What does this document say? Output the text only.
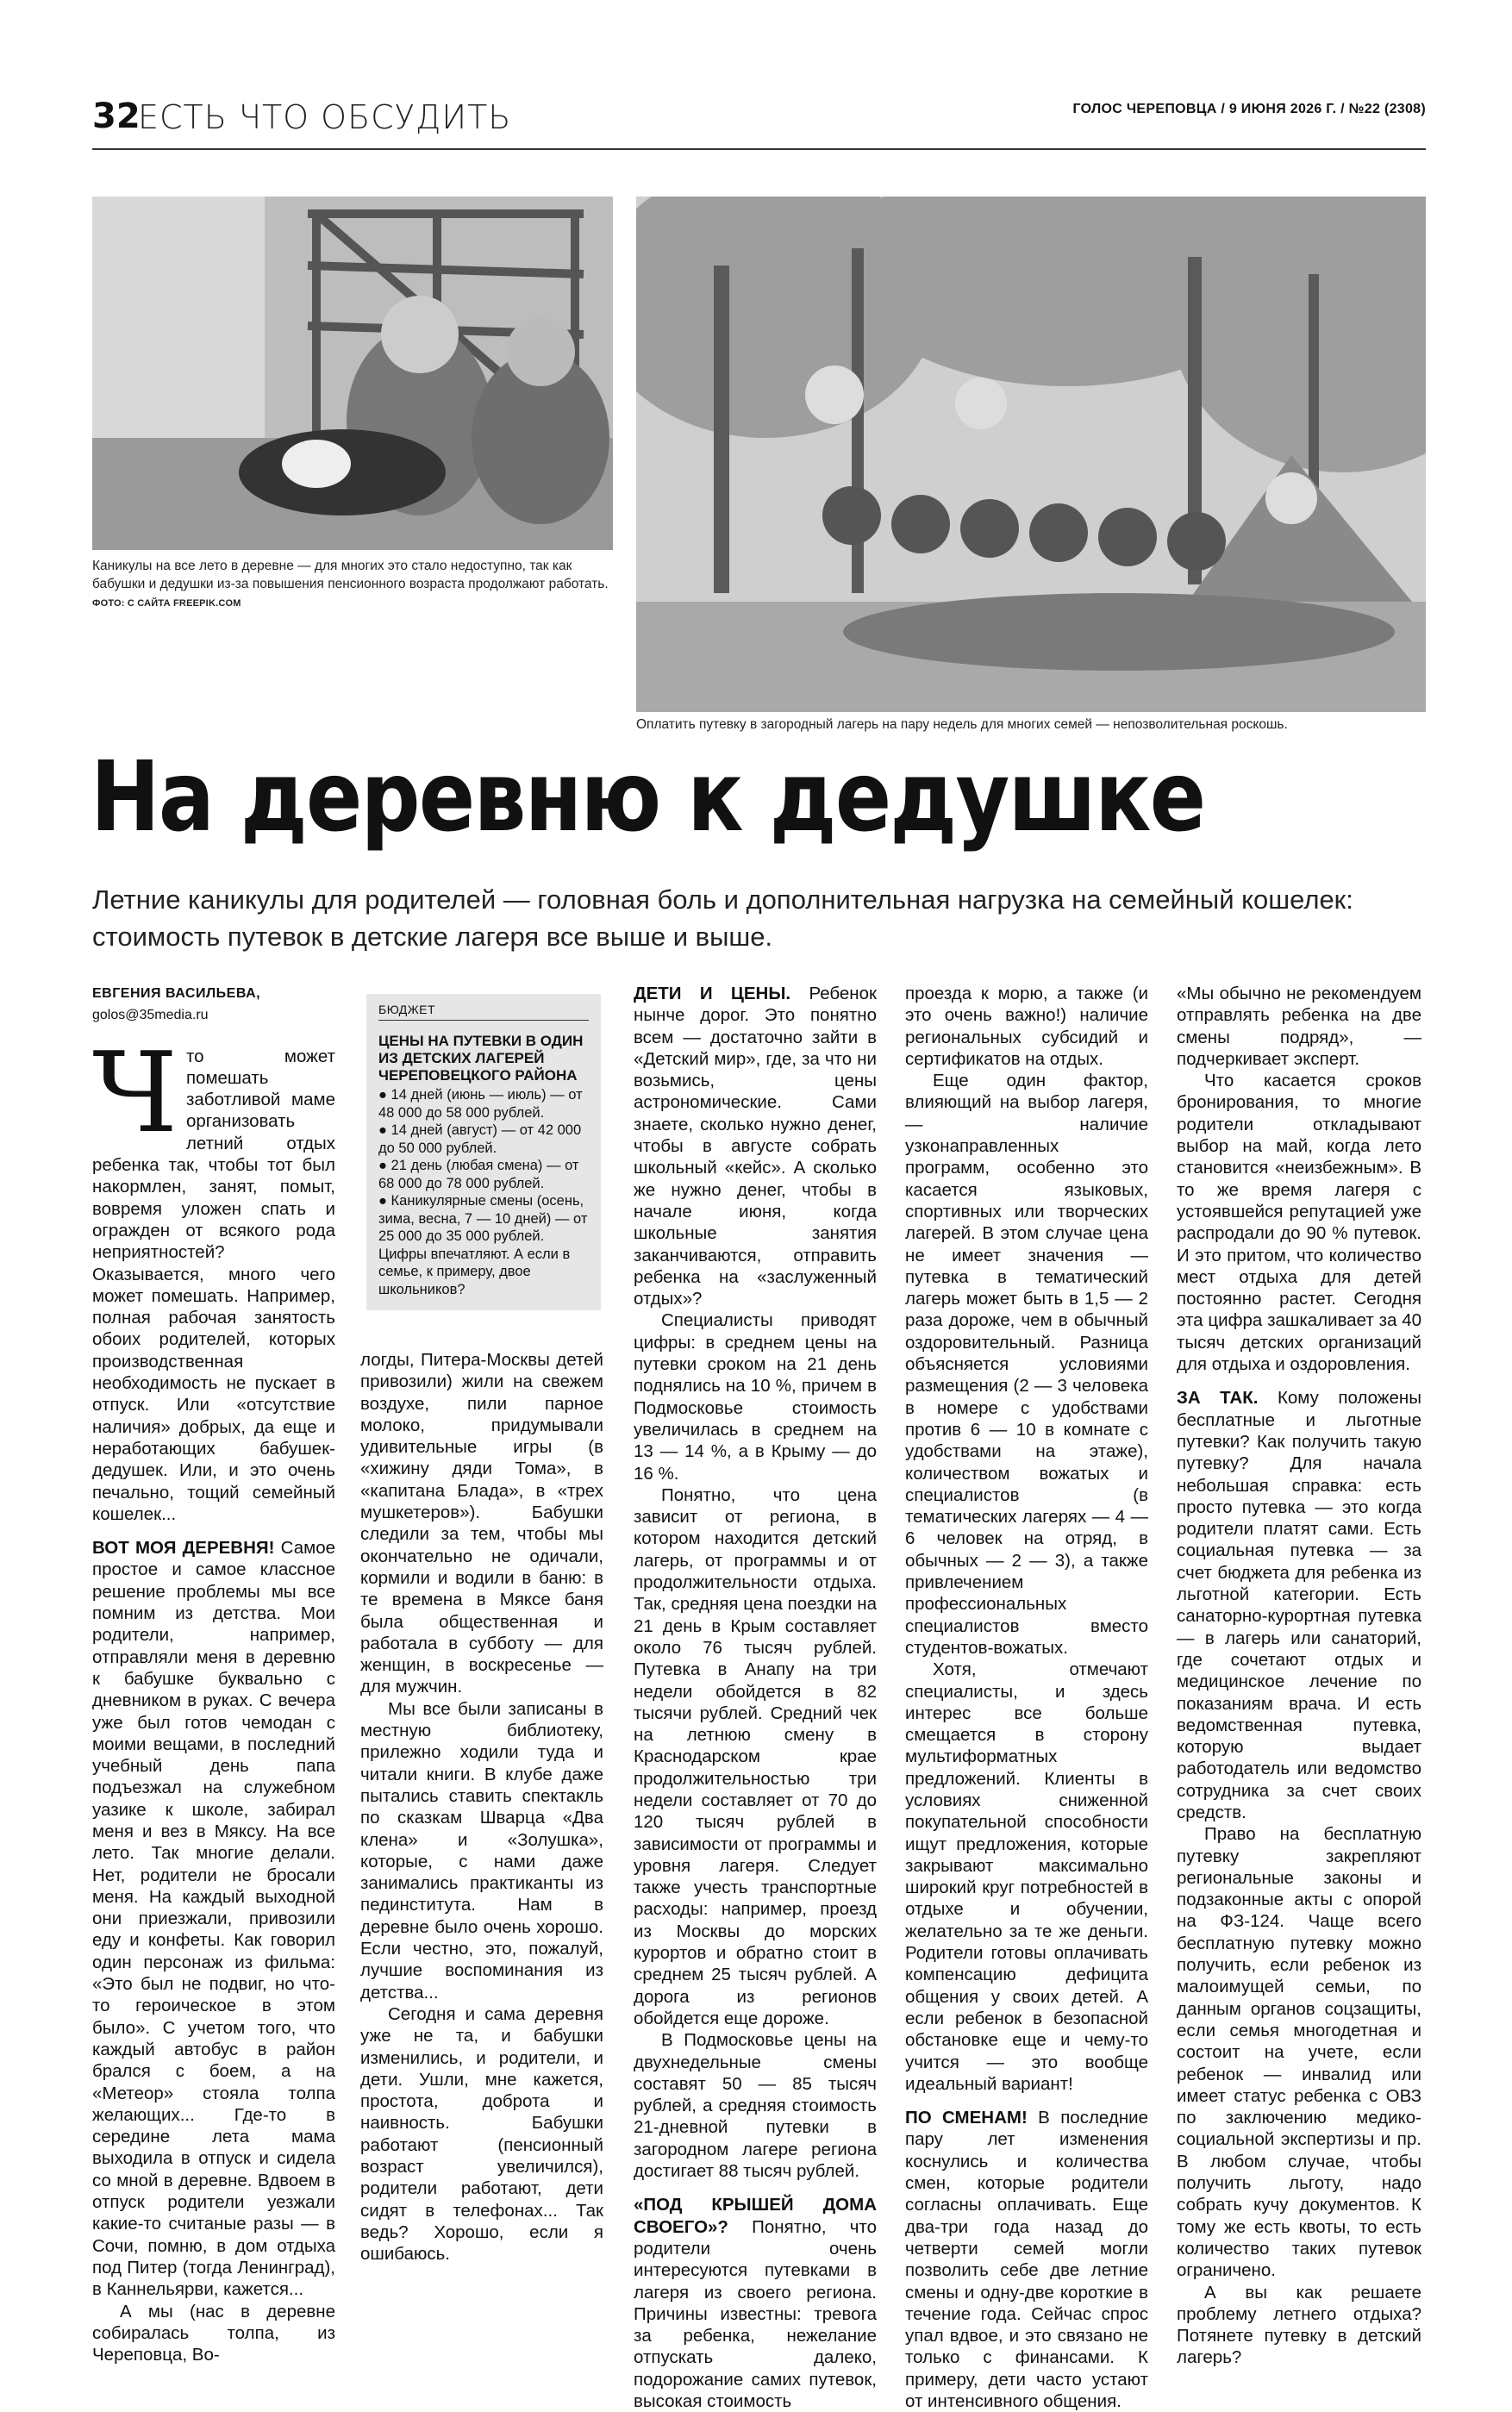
32
ЕСТЬ ЧТО ОБСУДИТЬ	ГОЛОС ЧЕРЕПОВЦА / 9 ИЮНЯ 2026 Г. / №22 (2308)
Каникулы на все лето в деревне — для многих это стало недоступно, так как бабушки и дедушки из-за повышения пенсионного возраста продолжают работать. ФОТО: С САЙТА FREEPIK.COM
Оплатить путевку в загородный лагерь на пару недель для многих семей — непозволительная роскошь.
На деревню к дедушке
Летние каникулы для родителей — головная боль и дополнительная нагрузка на семейный кошелек: стоимость путевок в детские лагеря все выше и выше.
ЕВГЕНИЯ ВАСИЛЬЕВА,
golos@35media.ru

Что может помешать заботливой маме организовать летний отдых ребенка так, чтобы тот был накормлен, занят, помыт, вовремя уложен спать и огражден от всякого рода неприятностей? Оказывается, много чего может помешать. Например, полная рабочая занятость обоих родителей, которых производственная необходимость не пускает в отпуск. Или «отсутствие наличия» добрых, да еще и неработающих бабушек-дедушек. Или, и это очень печально, тощий семейный кошелек...

ВОТ МОЯ ДЕРЕВНЯ! Самое простое и самое классное решение проблемы мы все помним из детства. Мои родители, например, отправляли меня в деревню к бабушке буквально с дневником в руках. С вечера уже был готов чемодан с моими вещами, в последний учебный день папа подъезжал на служебном уазике к школе, забирал меня и вез в Мяксу. На все лето. Так многие делали. Нет, родители не бросали меня. На каждый выходной они приезжали, привозили еду и конфеты. Как говорил один персонаж из фильма: «Это был не подвиг, но что-то героическое в этом было». С учетом того, что каждый автобус в район брался с боем, а на «Метеор» стояла толпа желающих... Где-то в середине лета мама выходила в отпуск и сидела со мной в деревне. Вдвоем в отпуск родители уезжали какие-то считаные разы — в Сочи, помню, в дом отдыха под Питер (тогда Ленинград), в Каннельярви, кажется...

А мы (нас в деревне собиралась толпа, из Череповца, Во-

БЮДЖЕТ
ЦЕНЫ НА ПУТЕВКИ В ОДИН ИЗ ДЕТСКИХ ЛАГЕРЕЙ ЧЕРЕПОВЕЦКОГО РАЙОНА
● 14 дней (июнь — июль) — от 48 000 до 58 000 рублей.
● 14 дней (август) — от 42 000 до 50 000 рублей.
● 21 день (любая смена) — от 68 000 до 78 000 рублей.
● Каникулярные смены (осень, зима, весна, 7 — 10 дней) — от 25 000 до 35 000 рублей.
Цифры впечатляют. А если в семье, к примеру, двое школьников?

логды, Питера-Москвы детей привозили) жили на свежем воздухе, пили парное молоко, придумывали удивительные игры (в «хижину дяди Тома», в «капитана Блада», в «трех мушкетеров»). Бабушки следили за тем, чтобы мы окончательно не одичали, кормили и водили в баню: в те времена в Мяксе баня была общественная и работала в субботу — для женщин, в воскресенье — для мужчин.

Мы все были записаны в местную библиотеку, прилежно ходили туда и читали книги. В клубе даже пытались ставить спектакль по сказкам Шварца «Два клена» и «Золушка», которые, с нами даже занимались практиканты из пединститута. Нам в деревне было очень хорошо. Если честно, это, пожалуй, лучшие воспоминания из детства...

Сегодня и сама деревня уже не та, и бабушки изменились, и родители, и дети. Ушли, мне кажется, простота, доброта и наивность. Бабушки работают (пенсионный возраст увеличился), родители работают, дети сидят в телефонах... Так ведь? Хорошо, если я ошибаюсь.

ДЕТИ И ЦЕНЫ. Ребенок нынче дорог. Это понятно всем — достаточно зайти в «Детский мир», где, за что ни возьмись, цены астрономические. Сами знаете, сколько нужно денег, чтобы в августе собрать школьный «кейс». А сколько же нужно денег, чтобы в начале июня, когда школьные занятия заканчиваются, отправить ребенка на «заслуженный отдых»?

Специалисты приводят цифры: в среднем цены на путевки сроком на 21 день поднялись на 10 %, причем в Подмосковье стоимость увеличилась в среднем на 13 — 14 %, а в Крыму — до 16 %.

Понятно, что цена зависит от региона, в котором находится детский лагерь, от программы и от продолжительности отдыха. Так, средняя цена поездки на 21 день в Крым составляет около 76 тысяч рублей. Путевка в Анапу на три недели обойдется в 82 тысячи рублей. Средний чек на летнюю смену в Краснодарском крае продолжительностью три недели составляет от 70 до 120 тысяч рублей в зависимости от программы и уровня лагеря. Следует также учесть транспортные расходы: например, проезд из Москвы до морских курортов и обратно стоит в среднем 25 тысяч рублей. А дорога из регионов обойдется еще дороже.

В Подмосковье цены на двухнедельные смены составят 50 — 85 тысяч рублей, а средняя стоимость 21-дневной путевки в загородном лагере региона достигает 88 тысяч рублей.

«ПОД КРЫШЕЙ ДОМА СВОЕГО»? Понятно, что родители очень интересуются путевками в лагеря из своего региона. Причины известны: тревога за ребенка, нежелание отпускать далеко, подорожание самих путевок, высокая стоимость

проезда к морю, а также (и это очень важно!) наличие региональных субсидий и сертификатов на отдых.

Еще один фактор, влияющий на выбор лагеря, — наличие узконаправленных программ, особенно это касается языковых, спортивных или творческих лагерей. В этом случае цена не имеет значения — путевка в тематический лагерь может быть в 1,5 — 2 раза дороже, чем в обычный оздоровительный. Разница объясняется условиями размещения (2 — 3 человека в номере с удобствами против 6 — 10 в комнате с удобствами на этаже), количеством вожатых и специалистов (в тематических лагерях — 4 — 6 человек на отряд, в обычных — 2 — 3), а также привлечением профессиональных специалистов вместо студентов-вожатых.

Хотя, отмечают специалисты, и здесь интерес все больше смещается в сторону мультиформатных предложений. Клиенты в условиях сниженной покупательной способности ищут предложения, которые закрывают максимально широкий круг потребностей в отдыхе и обучении, желательно за те же деньги. Родители готовы оплачивать компенсацию дефицита общения у своих детей. А если ребенок в безопасной обстановке еще и чему-то учится — это вообще идеальный вариант!

ПО СМЕНАМ! В последние пару лет изменения коснулись и количества смен, которые родители согласны оплачивать. Еще два-три года назад до четверти семей могли позволить себе две летние смены и одну-две короткие в течение года. Сейчас спрос упал вдвое, и это связано не только с финансами. К примеру, дети часто устают от интенсивного общения.

«Мы обычно не рекомендуем отправлять ребенка на две смены подряд», — подчеркивает эксперт.

Что касается сроков бронирования, то многие родители откладывают выбор на май, когда лето становится «неизбежным». В то же время лагеря с устоявшейся репутацией уже распродали до 90 % путевок. И это притом, что количество мест отдыха для детей постоянно растет. Сегодня эта цифра зашкаливает за 40 тысяч детских организаций для отдыха и оздоровления.

ЗА ТАК. Кому положены бесплатные и льготные путевки? Как получить такую путевку? Для начала небольшая справка: есть просто путевка — это когда родители платят сами. Есть социальная путевка — за счет бюджета для ребенка из льготной категории. Есть санаторно-курортная путевка — в лагерь или санаторий, где сочетают отдых и медицинское лечение по показаниям врача. И есть ведомственная путевка, которую выдает работодатель или ведомство сотрудника за счет своих средств.

Право на бесплатную путевку закрепляют региональные законы и подзаконные акты с опорой на ФЗ-124. Чаще всего бесплатную путевку можно получить, если ребенок из малоимущей семьи, по данным органов соцзащиты, если семья многодетная и состоит на учете, если ребенок — инвалид или имеет статус ребенка с ОВЗ по заключению медико-социальной экспертизы и пр. В любом случае, чтобы получить льготу, надо собрать кучу документов. К тому же есть квоты, то есть количество таких путевок ограничено.

А вы как решаете проблему летнего отдыха? Потянете путевку в детский лагерь?
